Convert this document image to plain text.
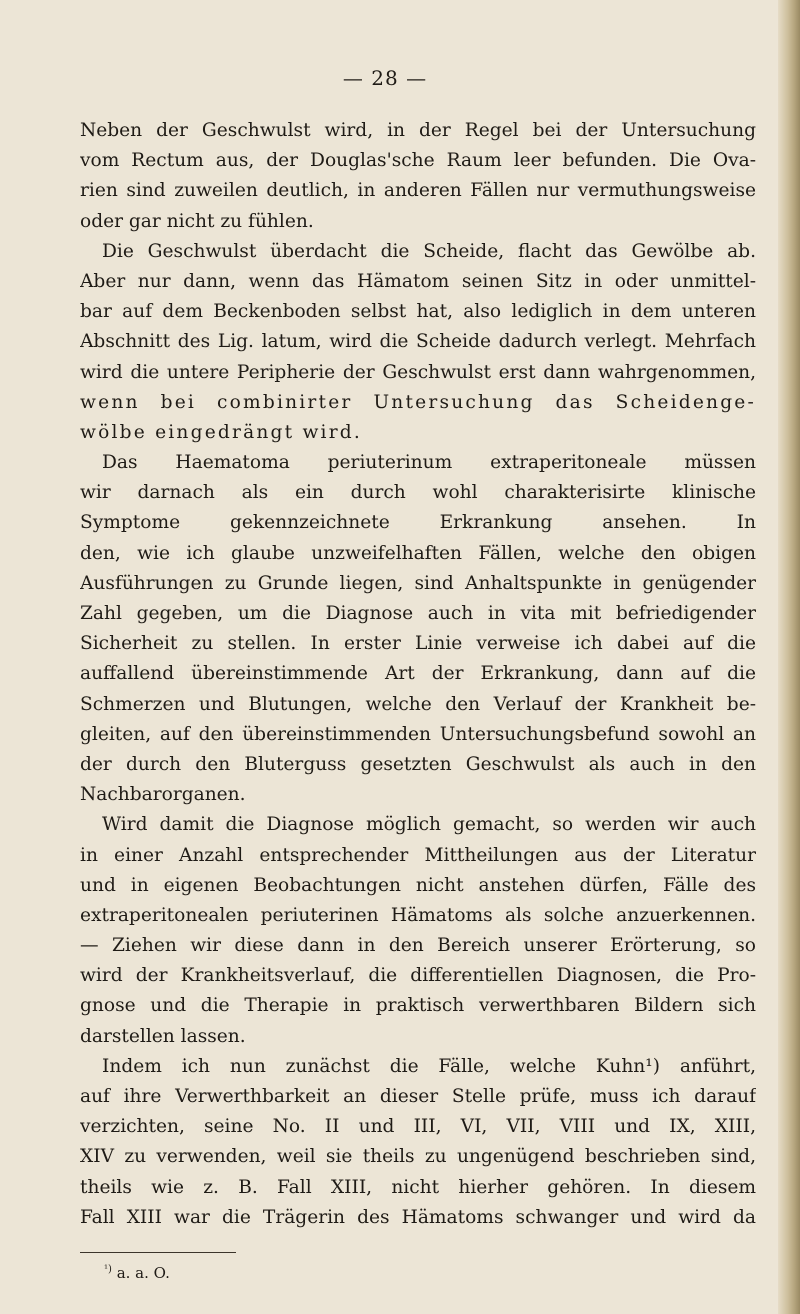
— 28 —
Neben der Geschwulst wird, in der Regel bei der Untersuchung
vom Rectum aus, der Douglas'sche Raum leer befunden. Die Ova-
rien sind zuweilen deutlich, in anderen Fällen nur vermuthungsweise
oder gar nicht zu fühlen.
Die Geschwulst überdacht die Scheide, flacht das Gewölbe ab.
Aber nur dann, wenn das Hämatom seinen Sitz in oder unmittel-
bar auf dem Beckenboden selbst hat, also lediglich in dem unteren
Abschnitt des Lig. latum, wird die Scheide dadurch verlegt. Mehrfach
wird die untere Peripherie der Geschwulst erst dann wahrgenommen,
wenn bei combinirter Untersuchung das Scheidenge-
wölbe eingedrängt wird.
Das Haematoma periuterinum extraperitoneale müssen
wir darnach als ein durch wohl charakterisirte klinische
Symptome gekennzeichnete Erkrankung ansehen. In
den, wie ich glaube unzweifelhaften Fällen, welche den obigen
Ausführungen zu Grunde liegen, sind Anhaltspunkte in genügender
Zahl gegeben, um die Diagnose auch in vita mit befriedigender
Sicherheit zu stellen. In erster Linie verweise ich dabei auf die
auffallend übereinstimmende Art der Erkrankung, dann auf die
Schmerzen und Blutungen, welche den Verlauf der Krankheit be-
gleiten, auf den übereinstimmenden Untersuchungsbefund sowohl an
der durch den Bluterguss gesetzten Geschwulst als auch in den
Nachbarorganen.
Wird damit die Diagnose möglich gemacht, so werden wir auch
in einer Anzahl entsprechender Mittheilungen aus der Literatur
und in eigenen Beobachtungen nicht anstehen dürfen, Fälle des
extraperitonealen periuterinen Hämatoms als solche anzuerkennen.
— Ziehen wir diese dann in den Bereich unserer Erörterung, so
wird der Krankheitsverlauf, die differentiellen Diagnosen, die Pro-
gnose und die Therapie in praktisch verwerthbaren Bildern sich
darstellen lassen.
Indem ich nun zunächst die Fälle, welche Kuhn¹) anführt,
auf ihre Verwerthbarkeit an dieser Stelle prüfe, muss ich darauf
verzichten, seine No. II und III, VI, VII, VIII und IX, XIII,
XIV zu verwenden, weil sie theils zu ungenügend beschrieben sind,
theils wie z. B. Fall XIII, nicht hierher gehören. In diesem
Fall XIII war die Trägerin des Hämatoms schwanger und wird da
$^{^1)}$ a. a. O.
